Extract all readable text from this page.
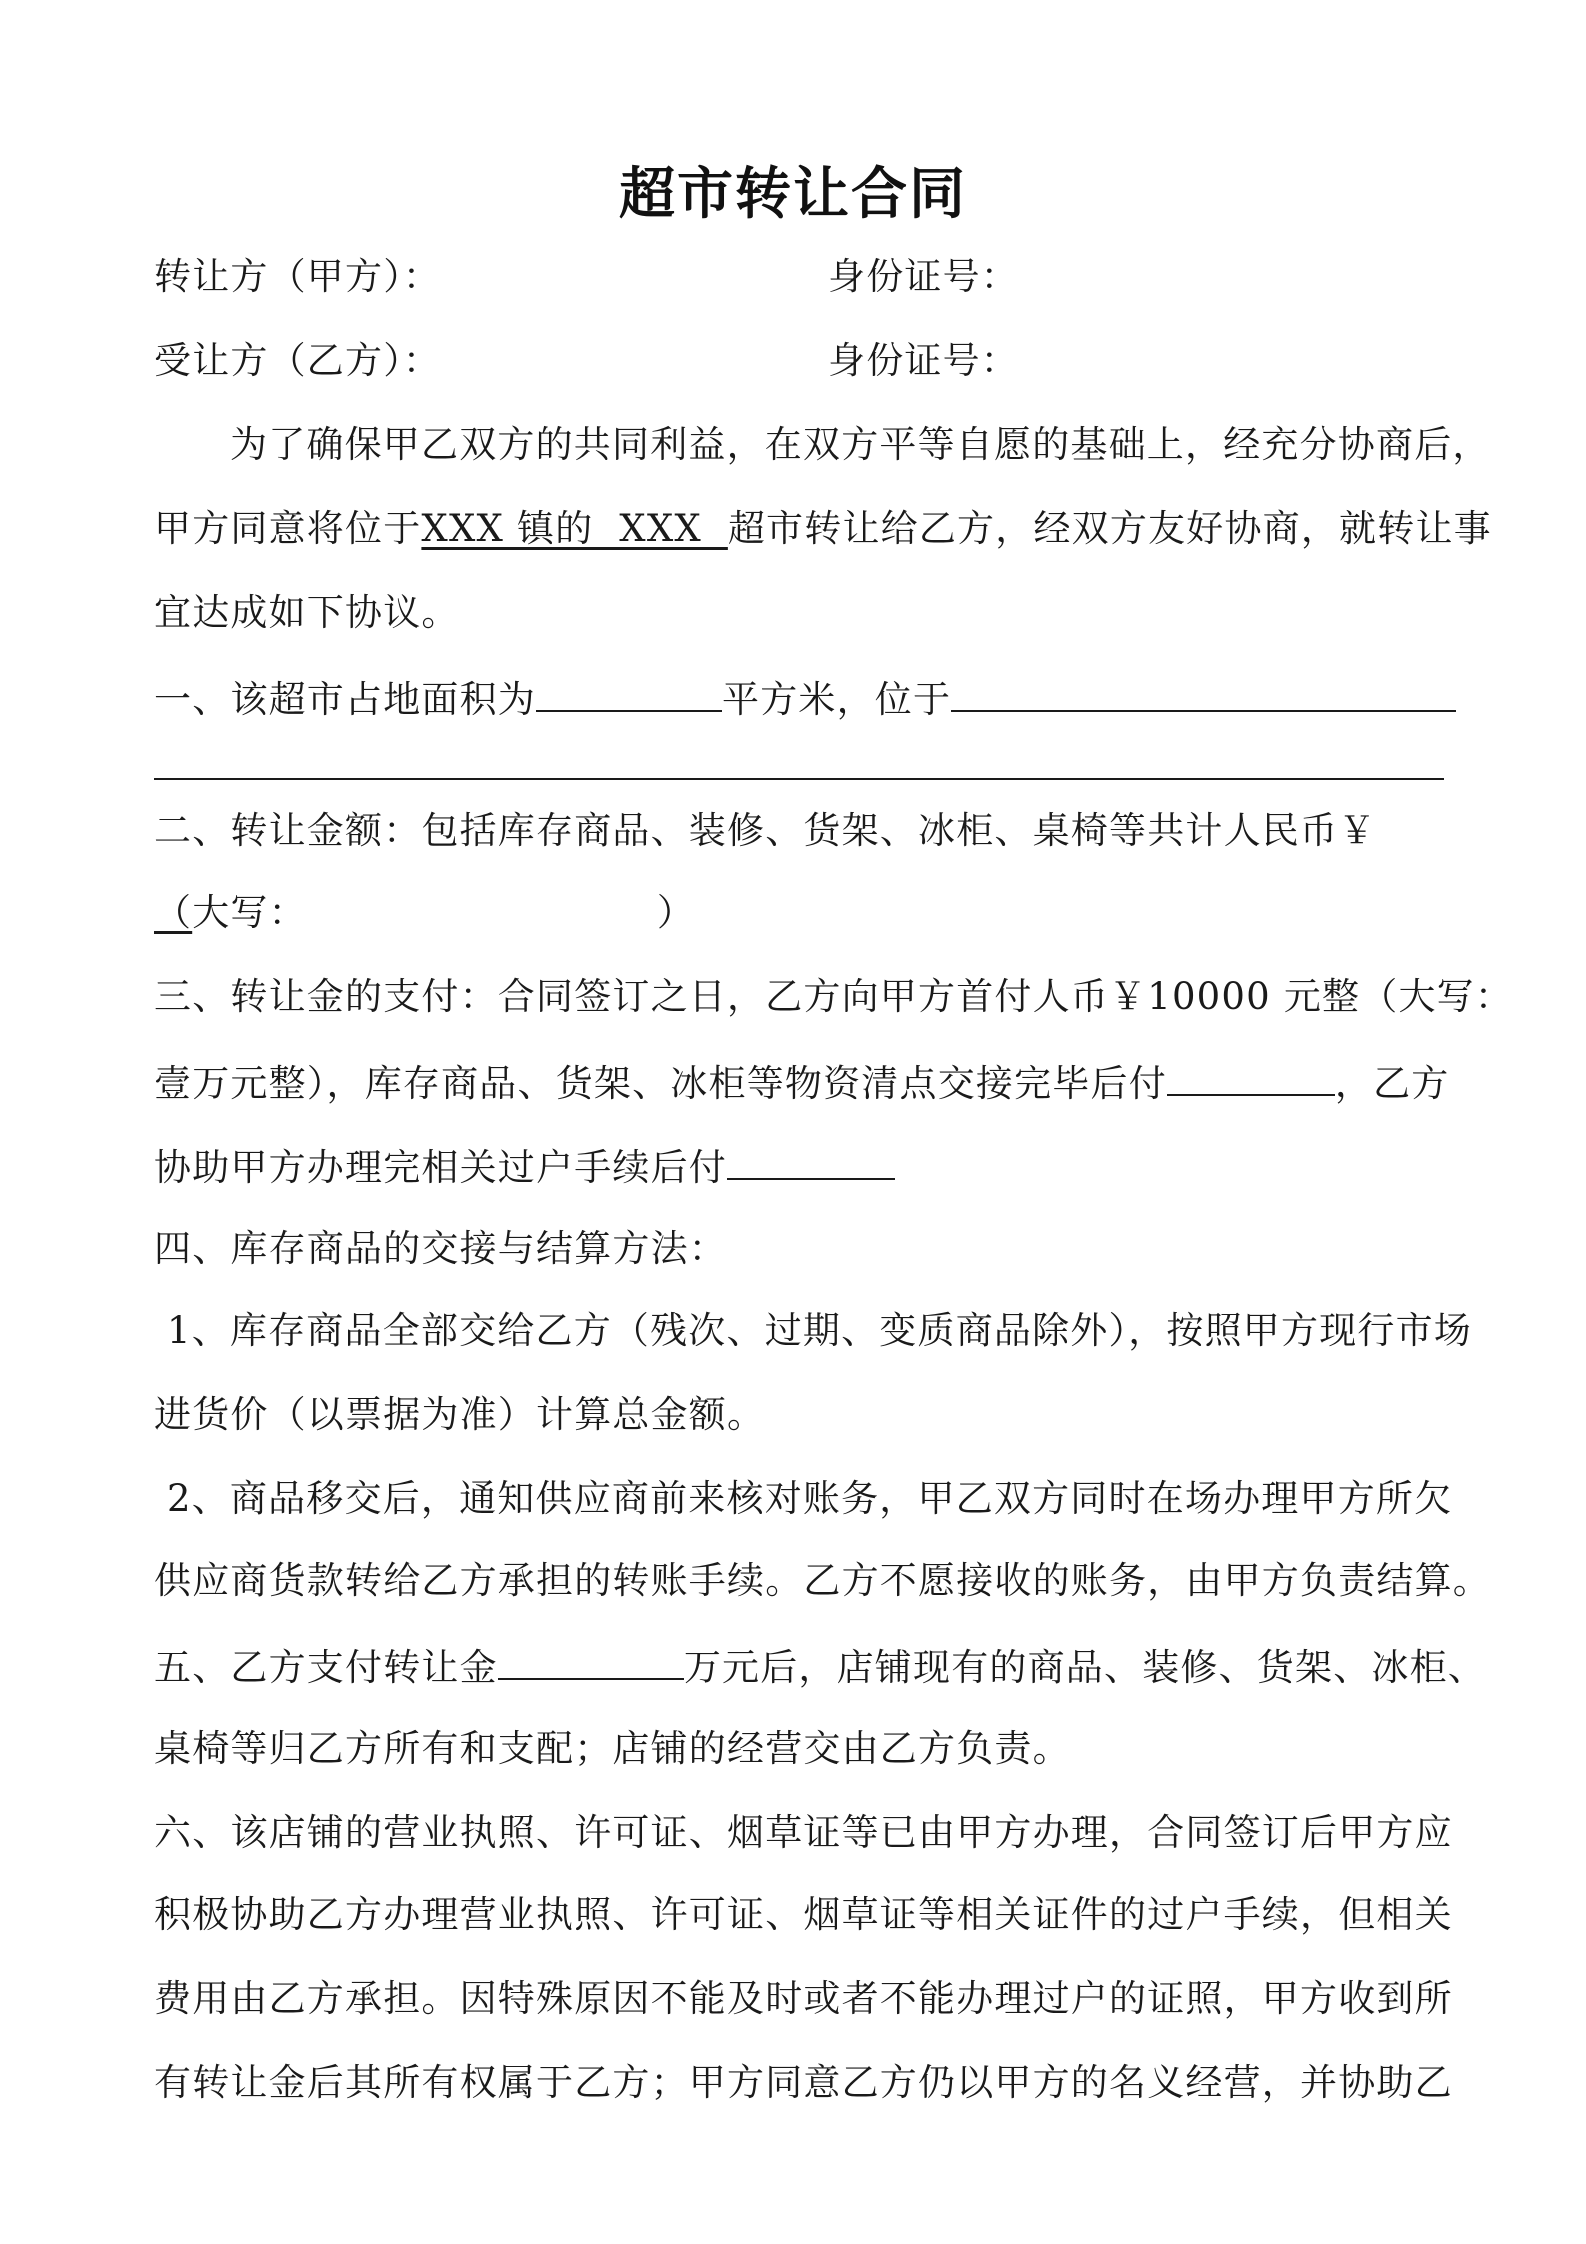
超市转让合同
转让方（甲方）：	身份证号：
受让方（乙方）：	身份证号：
为了确保甲乙双方的共同利益，在双方平等自愿的基础上，经充分协商后，
甲方同意将位于XXX 镇的  XXX  超市转让给乙方，经双方友好协商，就转让事
宜达成如下协议。
一、该超市占地面积为	平方米，位于
二、转让金额：包括库存商品、装修、货架、冰柜、桌椅等共计人民币￥
（大写：	）
三、转让金的支付：合同签订之日，乙方向甲方首付人币￥10000 元整（大写：
壹万元整），库存商品、货架、冰柜等物资清点交接完毕后付	，乙方
协助甲方办理完相关过户手续后付
四、库存商品的交接与结算方法：
1、库存商品全部交给乙方（残次、过期、变质商品除外），按照甲方现行市场
进货价（以票据为准）计算总金额。
2、商品移交后，通知供应商前来核对账务，甲乙双方同时在场办理甲方所欠
供应商货款转给乙方承担的转账手续。乙方不愿接收的账务，由甲方负责结算。
五、乙方支付转让金	万元后，店铺现有的商品、装修、货架、冰柜、
桌椅等归乙方所有和支配；店铺的经营交由乙方负责。
六、该店铺的营业执照、许可证、烟草证等已由甲方办理，合同签订后甲方应
积极协助乙方办理营业执照、许可证、烟草证等相关证件的过户手续，但相关
费用由乙方承担。因特殊原因不能及时或者不能办理过户的证照，甲方收到所
有转让金后其所有权属于乙方；甲方同意乙方仍以甲方的名义经营，并协助乙
